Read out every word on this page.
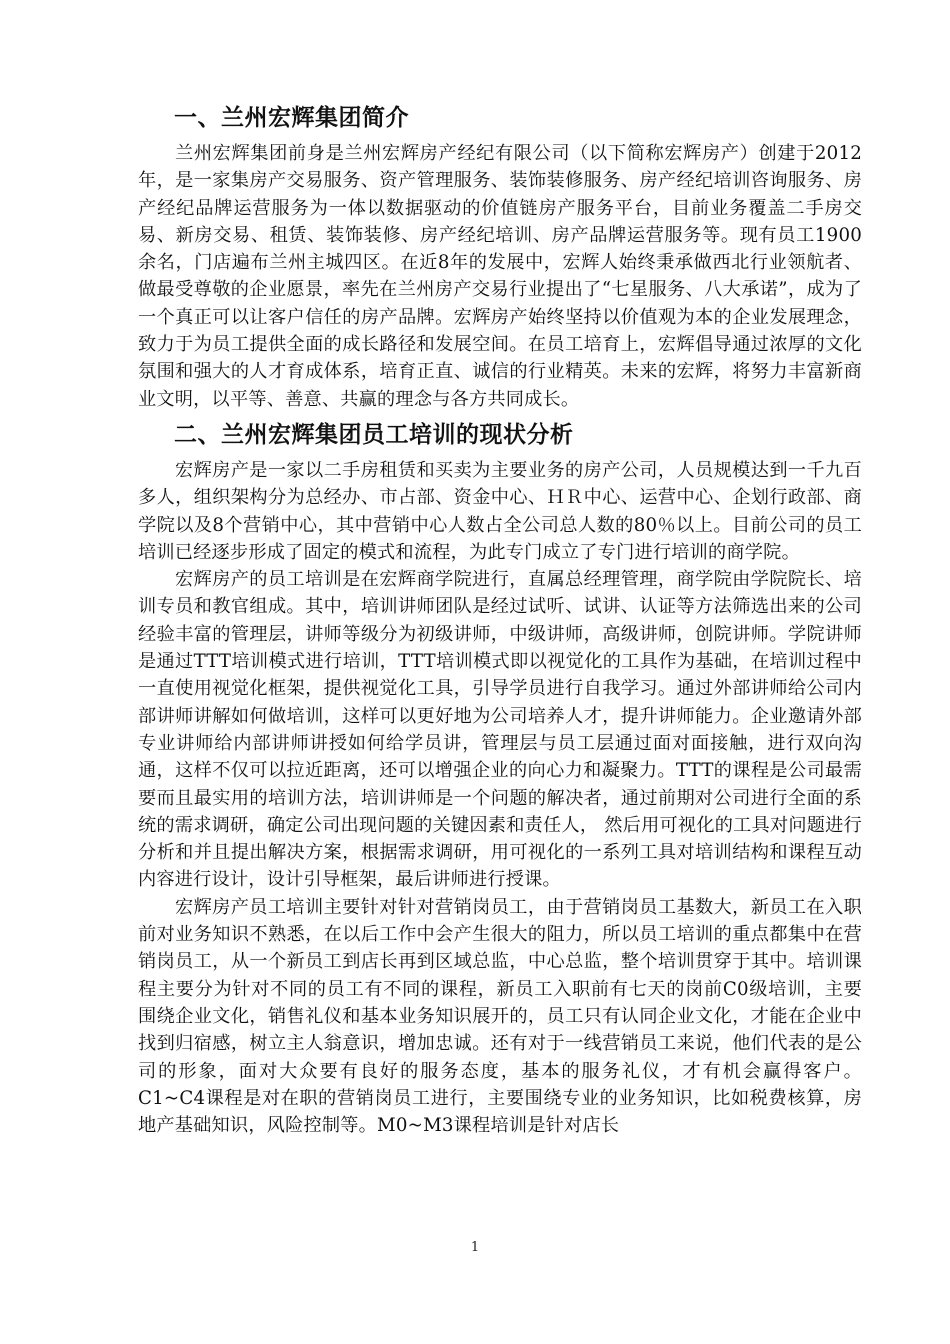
一、兰州宏辉集团简介

兰州宏辉集团前身是兰州宏辉房产经纪有限公司（以下简称宏辉房产）创建于2012年，是一家集房产交易服务、资产管理服务、装饰装修服务、房产经纪培训咨询服务、房产经纪品牌运营服务为一体以数据驱动的价值链房产服务平台，目前业务覆盖二手房交易、新房交易、租赁、装饰装修、房产经纪培训、房产品牌运营服务等。现有员工1900余名，门店遍布兰州主城四区。在近8年的发展中，宏辉人始终秉承做西北行业领航者、做最受尊敬的企业愿景，率先在兰州房产交易行业提出了“七星服务、八大承诺”，成为了一个真正可以让客户信任的房产品牌。宏辉房产始终坚持以价值观为本的企业发展理念，致力于为员工提供全面的成长路径和发展空间。在员工培育上，宏辉倡导通过浓厚的文化氛围和强大的人才育成体系，培育正直、诚信的行业精英。未来的宏辉，将努力丰富新商业文明，以平等、善意、共赢的理念与各方共同成长。

二、兰州宏辉集团员工培训的现状分析

宏辉房产是一家以二手房租赁和买卖为主要业务的房产公司，人员规模达到一千九百多人，组织架构分为总经办、市占部、资金中心、ＨＲ中心、运营中心、企划行政部、商学院以及8个营销中心，其中营销中心人数占全公司总人数的80％以上。目前公司的员工培训已经逐步形成了固定的模式和流程，为此专门成立了专门进行培训的商学院。

宏辉房产的员工培训是在宏辉商学院进行，直属总经理管理，商学院由学院院长、培训专员和教官组成。其中，培训讲师团队是经过试听、试讲、认证等方法筛选出来的公司经验丰富的管理层，讲师等级分为初级讲师，中级讲师，高级讲师，创院讲师。学院讲师是通过TTT培训模式进行培训，TTT培训模式即以视觉化的工具作为基础，在培训过程中一直使用视觉化框架，提供视觉化工具，引导学员进行自我学习。通过外部讲师给公司内部讲师讲解如何做培训，这样可以更好地为公司培养人才，提升讲师能力。企业邀请外部专业讲师给内部讲师讲授如何给学员讲，管理层与员工层通过面对面接触，进行双向沟通，这样不仅可以拉近距离，还可以增强企业的向心力和凝聚力。TTT的课程是公司最需要而且最实用的培训方法，培训讲师是一个问题的解决者，通过前期对公司进行全面的系统的需求调研，确定公司出现问题的关键因素和责任人， 然后用可视化的工具对问题进行分析和并且提出解决方案，根据需求调研，用可视化的一系列工具对培训结构和课程互动内容进行设计，设计引导框架，最后讲师进行授课。

宏辉房产员工培训主要针对针对营销岗员工，由于营销岗员工基数大，新员工在入职前对业务知识不熟悉，在以后工作中会产生很大的阻力，所以员工培训的重点都集中在营销岗员工，从一个新员工到店长再到区域总监，中心总监，整个培训贯穿于其中。培训课程主要分为针对不同的员工有不同的课程，新员工入职前有七天的岗前C0级培训，主要围绕企业文化，销售礼仪和基本业务知识展开的，员工只有认同企业文化，才能在企业中找到归宿感，树立主人翁意识，增加忠诚。还有对于一线营销员工来说，他们代表的是公司的形象，面对大众要有良好的服务态度，基本的服务礼仪，才有机会赢得客户。C1~C4课程是对在职的营销岗员工进行，主要围绕专业的业务知识，比如税费核算，房地产基础知识，风险控制等。M0~M3课程培训是针对店长

1
